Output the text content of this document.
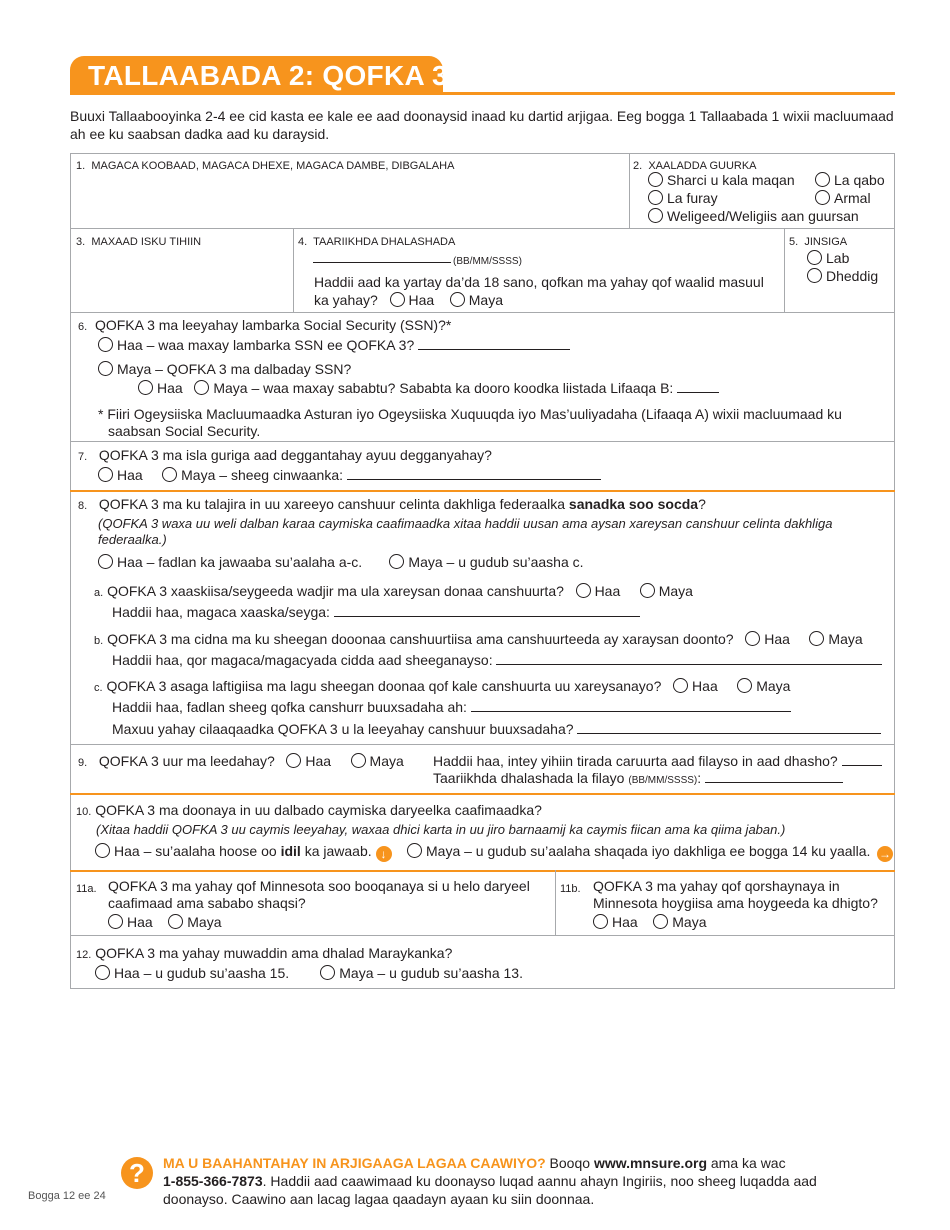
TALLAABADA 2: QOFKA 3
Buuxi Tallaabooyinka 2-4 ee cid kasta ee kale ee aad doonaysid inaad ku dartid arjigaa. Eeg bogga 1 Tallaabada 1 wixii macluumaad ah ee ku saabsan dadka aad ku daraysid.
1. MAGACA KOOBAAD, MAGACA DHEXE, MAGACA DAMBE, DIBGALAHA	2. XAALADDA GUURKA
Sharci u kala maqan	La qabo
La furay	Armal
Weligeed/Weligiis aan guursan
3. MAXAAD ISKU TIHIIN	4. TAARIIKHDA DHALASHADA
(BB/MM/SSSS)
Haddii aad ka yartay da’da 18 sano, qofkan ma yahay qof waalid masuul
ka yahay? Haa Maya
5. JINSIGA
Lab
Dheddig
6. QOFKA 3 ma leeyahay lambarka Social Security (SSN)?*
Haa – waa maxay lambarka SSN ee QOFKA 3?
Maya – QOFKA 3 ma dalbaday SSN?
Haa Maya – waa maxay sababtu? Sababta ka dooro koodka liistada Lifaaqa B:
* Fiiri Ogeysiiska Macluumaadka Asturan iyo Ogeysiiska Xuquuqda iyo Mas’uuliyadaha (Lifaaqa A) wixii macluumaad ku
saabsan Social Security.
7. QOFKA 3 ma isla guriga aad deggantahay ayuu degganyahay?
Haa	Maya – sheeg cinwaanka:
8. QOFKA 3 ma ku talajira in uu xareeyo canshuur celinta dakhliga federaalka sanadka soo socda?
(QOFKA 3 waxa uu weli dalban karaa caymiska caafimaadka xitaa haddii uusan ama aysan xareysan canshuur celinta dakhliga federaalka.)
Haa – fadlan ka jawaaba su’aalaha a-c.	Maya – u gudub su’aasha c.
a. QOFKA 3 xaaskiisa/seygeeda wadjir ma ula xareysan donaa canshuurta? Haa	Maya
Haddii haa, magaca xaaska/seyga:
b. QOFKA 3 ma cidna ma ku sheegan dooonaa canshuurtiisa ama canshuurteeda ay xaraysan doonto? Haa	Maya
Haddii haa, qor magaca/magacyada cidda aad sheeganayso:
c. QOFKA 3 asaga laftigiisa ma lagu sheegan doonaa qof kale canshuurta uu xareysanayo? Haa	Maya
Haddii haa, fadlan sheeg qofka canshurr buuxsadaha ah:
Maxuu yahay cilaaqaadka QOFKA 3 u la leeyahay canshuur buuxsadaha?
9. QOFKA 3 uur ma leedahay? Haa	Maya Haddii haa, intey yihiin tirada caruurta aad filayso in aad dhasho?
Taariikhda dhalashada la filayo (BB/MM/SSSS):
10. QOFKA 3 ma doonaya in uu dalbado caymiska daryeelka caafimaadka?
(Xitaa haddii QOFKA 3 uu caymis leeyahay, waxaa dhici karta in uu jiro barnaamij ka caymis fiican ama ka qiima jaban.)
Haa – su’aalaha hoose oo idil ka jawaab. ↓	Maya – u gudub su’aalaha shaqada iyo dakhliga ee bogga 14 ku yaalla. →
11a. QOFKA 3 ma yahay qof Minnesota soo booqanaya si u helo daryeel
caafimaad ama sababo shaqsi?
Haa Maya
11b. QOFKA 3 ma yahay qof qorshaynaya in
Minnesota hoygiisa ama hoygeeda ka dhigto?
Haa Maya
12. QOFKA 3 ma yahay muwaddin ama dhalad Maraykanka?
Haa – u gudub su’aasha 15.	Maya – u gudub su’aasha 13.
?	MA U BAAHANTAHAY IN ARJIGAAGA LAGAA CAAWIYO? Booqo www.mnsure.org ama ka wac
1-855-366-7873. Haddii aad caawimaad ku doonayso luqad aannu ahayn Ingiriis, noo sheeg luqadda aad doonayso. Caawino aan lacag lagaa qaadayn ayaan ku siin doonnaa.
Bogga 12 ee 24
